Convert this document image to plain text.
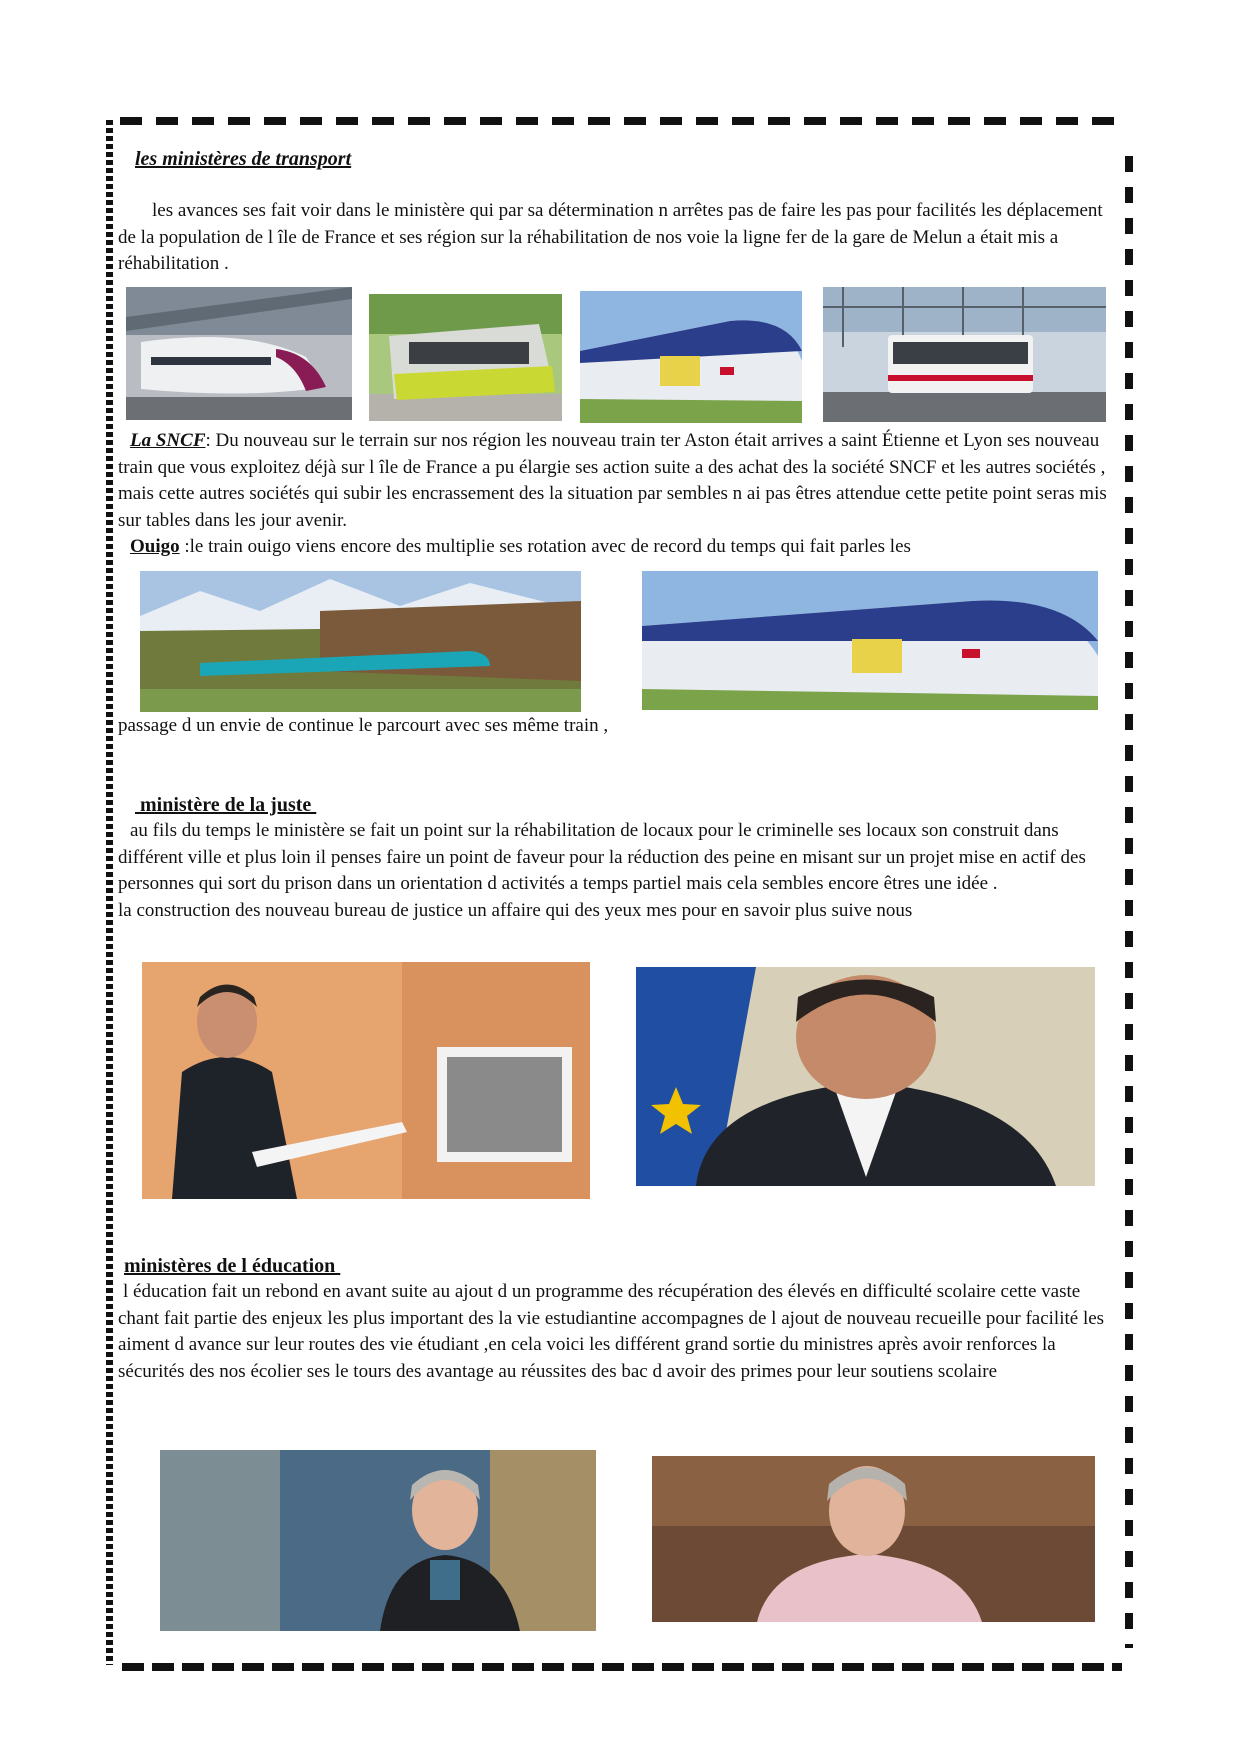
les ministères de transport

les avances ses fait voir dans le ministère qui par sa détermination n arrêtes pas de faire les pas pour facilités les déplacement de la population de l île de France et ses région sur la réhabilitation de nos voie la ligne fer de la gare de Melun a était mis a réhabilitation .

La SNCF: Du nouveau sur le terrain sur nos région les nouveau train ter Aston était arrives a saint Étienne et Lyon ses nouveau train que vous exploitez déjà sur l île de France a pu élargie ses action suite a des achat des la société SNCF et les autres sociétés , mais cette autres sociétés qui subir les encrassement des la situation par sembles n ai pas êtres attendue cette petite point seras mis sur tables dans les jour avenir.

Ouigo :le train ouigo viens encore des multiplie ses rotation avec de record du temps qui fait parles les

passage d un envie de continue le parcourt avec ses même train ,

ministère de la juste

au fils du temps le ministère se fait un point sur la réhabilitation de locaux pour le criminelle ses locaux son construit dans différent ville et plus loin il penses faire un point de faveur pour la réduction des peine en misant sur un projet mise en actif des personnes qui sort du prison dans un orientation d activités a temps partiel mais cela sembles encore êtres une idée .

la construction des nouveau bureau de justice un affaire qui des yeux mes pour en savoir plus suive nous

ministères de l éducation

l éducation fait un rebond en avant suite au ajout d un programme des récupération des élevés en difficulté scolaire cette vaste chant fait partie des enjeux les plus important des la vie estudiantine accompagnes de l ajout de nouveau recueille pour facilité les aiment d avance sur leur routes des vie étudiant ,en cela voici les différent grand sortie du ministres après avoir renforces la sécurités des nos écolier ses le tours des avantage au réussites des bac d avoir des primes pour leur soutiens scolaire
